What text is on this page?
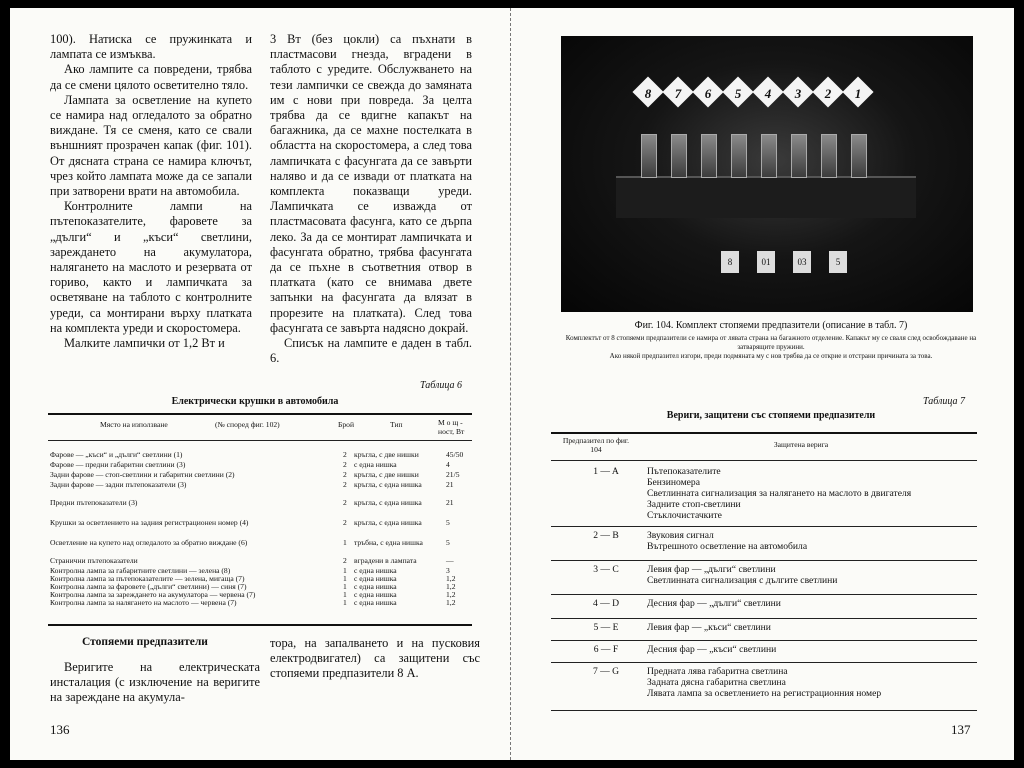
100). Натиска се пружинката и лампата се измъква.

Ако лампите са повредени, трябва да се смени цялото осветително тяло.

Лампата за осветление на купето се намира над огледалото за обратно виждане. Тя се сменя, като се свали външният прозрачен капак (фиг. 101). От дясната страна се намира ключът, чрез който лампата може да се запали при затворени врати на автомобила.

Контролните лампи на пътепоказателите, фаровете за „дълги“ и „къси“ светлини, зареждането на акумулатора, налягането на маслото и резервата от гориво, както и лампичката за осветяване на таблото с контролните уреди, са монтирани върху платката на комплекта уреди и скоростомера.

Малките лампички от 1,2 Вт и

3 Вт (без цокли) са пъхнати в пластмасови гнезда, вградени в таблото с уредите. Обслужването на тези лампички се свежда до замяната им с нови при повреда. За целта трябва да се вдигне капакът на багажника, да се махне постелката в областта на скоростомера, а след това лампичката с фасунгата да се завърти наляво и да се извади от платката на комплекта показващи уреди. Лампичката се изважда от пластмасовата фасунга, като се дърпа леко. За да се монтират лампичката и фасунгата обратно, трябва фасунгата да се пъхне в съответния отвор в платката (като се внимава двете запънки на фасунгата да влязат в прорезите на платката). След това фасунгата се завърта надясно докрай.

Списък на лампите е даден в табл. 6.

Таблица 6
Електрически крушки в автомобила
Място на използване	(№ според фиг. 102)	Брой	Тип	М о щ - ност, Вт
Фарове — „къси“ и „дълги“ светлини (1)	2 кръгла, с две нишки	45/50
Фарове — предни габаритни светлини (3)	2 с една нишка	4
Задни фарове — стоп-светлини и габаритни светлини (2)	2 кръгла, с две нишки	21/5
Задни фарове — задни пътепоказатели (3)	2 кръгла, с една нишка	21
Предни пътепоказатели (3)	2 кръгла, с една нишка	21
Крушки за осветлението на задния регистрационен номер (4)	2 кръгла, с една нишка	5
Осветление на купето над огледалото за обратно виждане (6)	1 тръбна, с една нишка	5
Странични пътепоказатели	2 вградени в лампата	—
Контролна лампа за габаритните светлини — зелена (8)	1 с една нишка	3
Контролна лампа за пътепоказателите — зелена, мигаща (7)	1 с една нишка	1,2
Контролна лампа за фаровете („дълги“ светлини) — синя (7)	1 с една нишка	1,2
Контролна лампа за зареждането на акумулатора — червена (7)	1 с една нишка	1,2
Контролна лампа за налягането на маслото — червена (7)	1 с една нишка	1,2
Стопяеми предпазители

Веригите на електрическата инсталация (с изключение на веригите на зареждане на акумула-

тора, на запалването и на пусковия електродвигател) са защитени със стопяеми предпазители 8 А.

136
8	7	6	5	4	3	2	1
8	01	03	5
Фиг. 104. Комплект стопяеми предпазители (описание в табл. 7)
Комплектът от 8 стопяеми предпазители се намира от лявата страна на багажното отделение. Капакът му се сваля след освобождаване на затварящите пружини.
Ако някой предпазител изгори, преди подмяната му с нов трябва да се открие и отстрани причината за това.
Таблица 7
Вериги, защитени със стопяеми предпазители
Предпазител по фиг. 104
Защитена верига
1 — A	Пътепоказателите
Бензиномера
Светлинната сигнализация за налягането на маслото в двигателя
Задните стоп-светлини
Стъклочистачките
2 — B	Звуковия сигнал
Вътрешното осветление на автомобила
3 — C	Левия фар — „дълги“ светлини
Светлинната сигнализация с дългите светлини
4 — D	Десния фар — „дълги“ светлини
5 — E	Левия фар — „къси“ светлини
6 — F	Десния фар — „къси“ светлини
7 — G	Предната лява габаритна светлина
Задната дясна габаритна светлина
Лявата лампа за осветлението на регистрационния номер
137
